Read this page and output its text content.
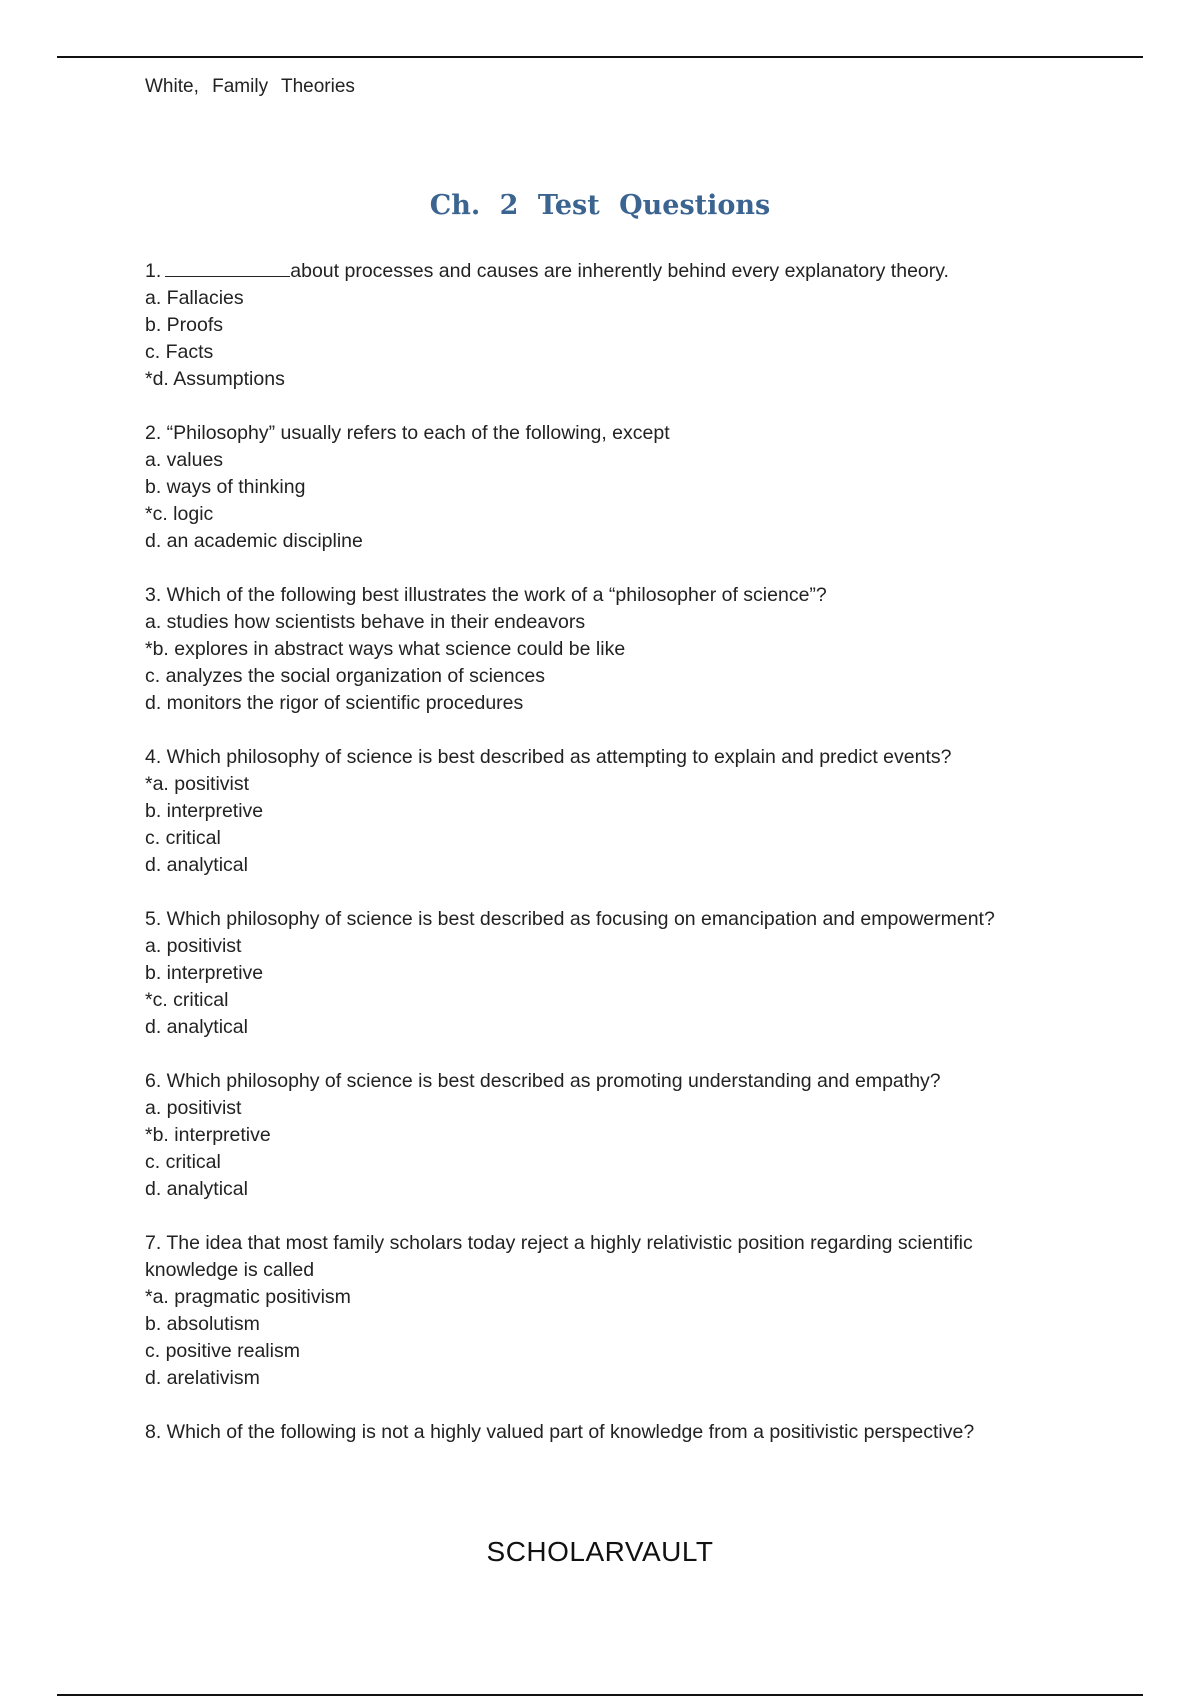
White, Family Theories
Ch. 2 Test Questions
1.	about processes and causes are inherently behind every explanatory theory.
a. Fallacies
b. Proofs
c. Facts
*d. Assumptions
2. “Philosophy” usually refers to each of the following, except
a. values
b. ways of thinking
*c. logic
d. an academic discipline
3. Which of the following best illustrates the work of a “philosopher of science”?
a. studies how scientists behave in their endeavors
*b. explores in abstract ways what science could be like
c. analyzes the social organization of sciences
d. monitors the rigor of scientific procedures
4. Which philosophy of science is best described as attempting to explain and predict events?
*a. positivist
b. interpretive
c. critical
d. analytical
5. Which philosophy of science is best described as focusing on emancipation and empowerment?
a. positivist
b. interpretive
*c. critical
d. analytical
6. Which philosophy of science is best described as promoting understanding and empathy?
a. positivist
*b. interpretive
c. critical
d. analytical
7. The idea that most family scholars today reject a highly relativistic position regarding scientific knowledge is called
*a. pragmatic positivism
b. absolutism
c. positive realism
d. arelativism
8. Which of the following is not a highly valued part of knowledge from a positivistic perspective?
SCHOLARVAULT
